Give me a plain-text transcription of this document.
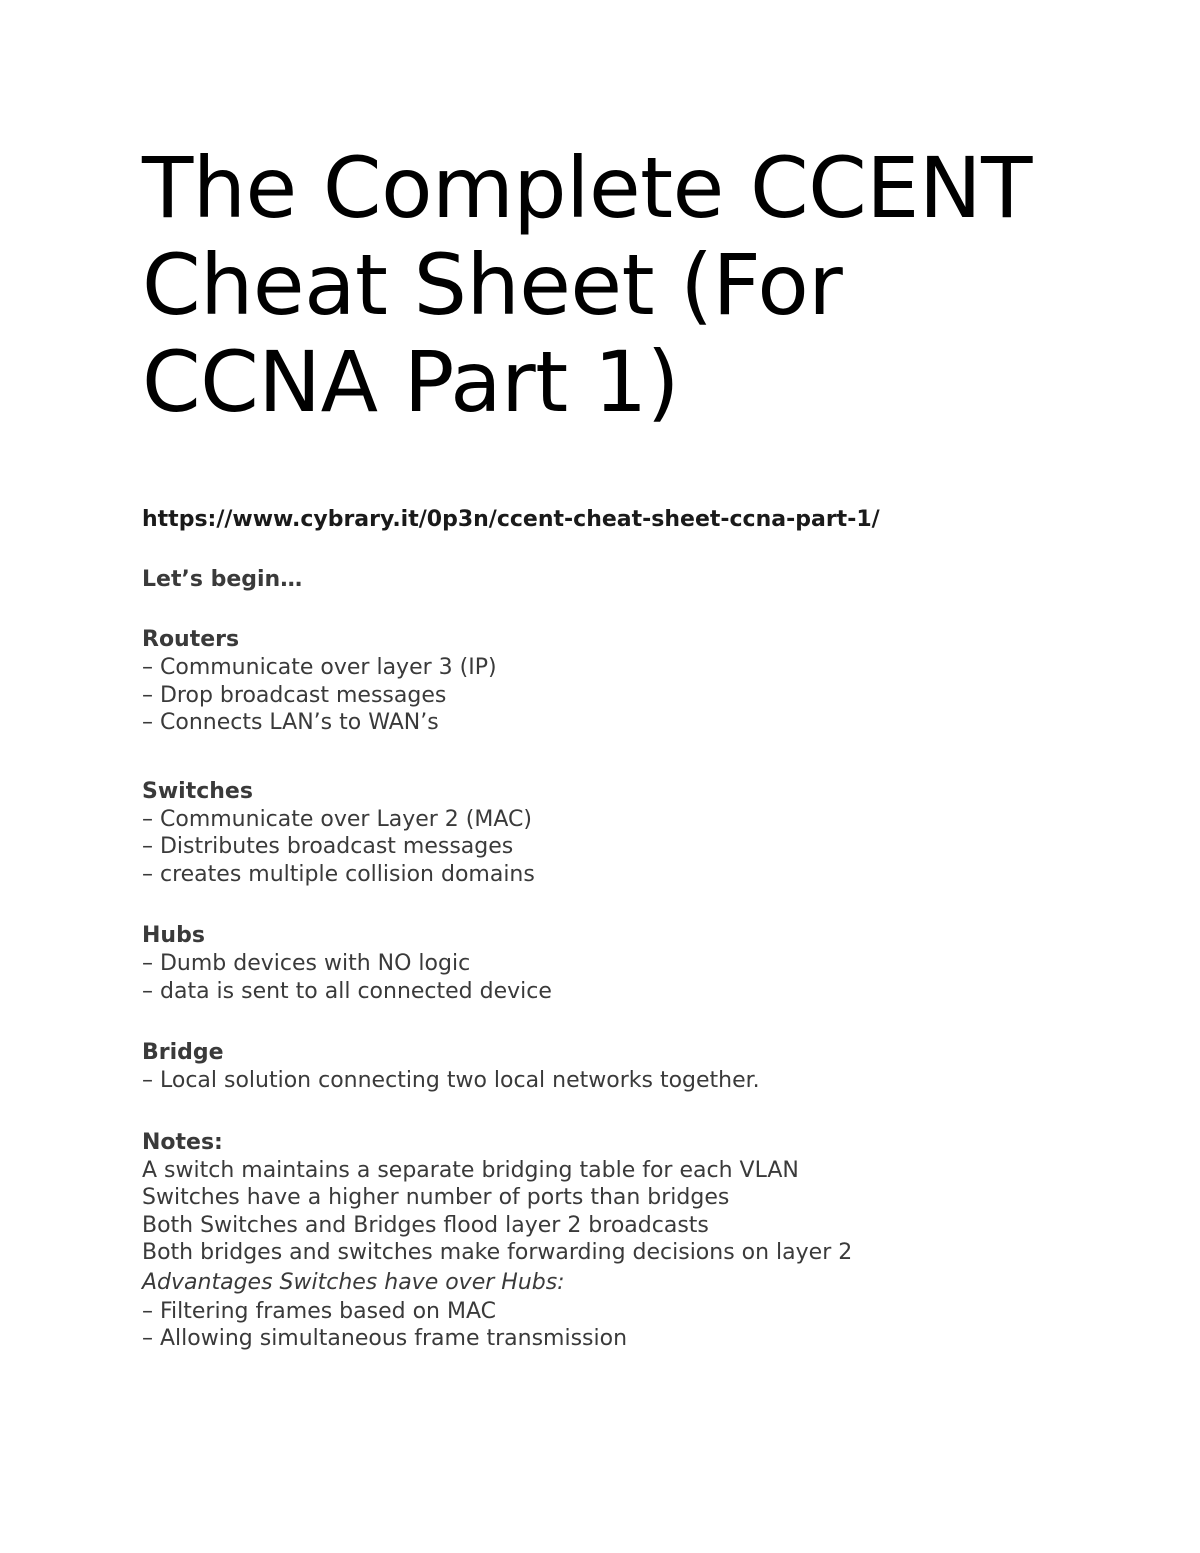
The Complete CCENT
Cheat Sheet (For
CCNA Part 1)
https://www.cybrary.it/0p3n/ccent-cheat-sheet-ccna-part-1/
Let’s begin…
Routers
– Communicate over layer 3 (IP)
– Drop broadcast messages
– Connects LAN’s to WAN’s
Switches
– Communicate over Layer 2 (MAC)
– Distributes broadcast messages
– creates multiple collision domains
Hubs
– Dumb devices with NO logic
– data is sent to all connected device
Bridge
– Local solution connecting two local networks together.
Notes:
A switch maintains a separate bridging table for each VLAN
Switches have a higher number of ports than bridges
Both Switches and Bridges flood layer 2 broadcasts
Both bridges and switches make forwarding decisions on layer 2
Advantages Switches have over Hubs:
– Filtering frames based on MAC
– Allowing simultaneous frame transmission
